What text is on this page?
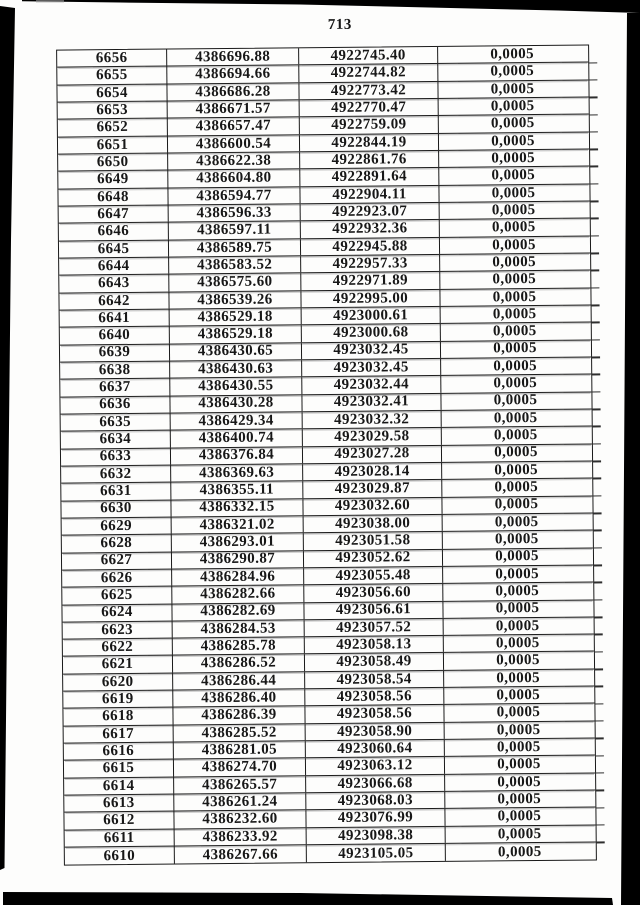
713
6656	4386696.88	4922745.40	0,0005
6655	4386694.66	4922744.82	0,0005
6654	4386686.28	4922773.42	0,0005
6653	4386671.57	4922770.47	0,0005
6652	4386657.47	4922759.09	0,0005
6651	4386600.54	4922844.19	0,0005
6650	4386622.38	4922861.76	0,0005
6649	4386604.80	4922891.64	0,0005
6648	4386594.77	4922904.11	0,0005
6647	4386596.33	4922923.07	0,0005
6646	4386597.11	4922932.36	0,0005
6645	4386589.75	4922945.88	0,0005
6644	4386583.52	4922957.33	0,0005
6643	4386575.60	4922971.89	0,0005
6642	4386539.26	4922995.00	0,0005
6641	4386529.18	4923000.61	0,0005
6640	4386529.18	4923000.68	0,0005
6639	4386430.65	4923032.45	0,0005
6638	4386430.63	4923032.45	0,0005
6637	4386430.55	4923032.44	0,0005
6636	4386430.28	4923032.41	0,0005
6635	4386429.34	4923032.32	0,0005
6634	4386400.74	4923029.58	0,0005
6633	4386376.84	4923027.28	0,0005
6632	4386369.63	4923028.14	0,0005
6631	4386355.11	4923029.87	0,0005
6630	4386332.15	4923032.60	0,0005
6629	4386321.02	4923038.00	0,0005
6628	4386293.01	4923051.58	0,0005
6627	4386290.87	4923052.62	0,0005
6626	4386284.96	4923055.48	0,0005
6625	4386282.66	4923056.60	0,0005
6624	4386282.69	4923056.61	0,0005
6623	4386284.53	4923057.52	0,0005
6622	4386285.78	4923058.13	0,0005
6621	4386286.52	4923058.49	0,0005
6620	4386286.44	4923058.54	0,0005
6619	4386286.40	4923058.56	0,0005
6618	4386286.39	4923058.56	0,0005
6617	4386285.52	4923058.90	0,0005
6616	4386281.05	4923060.64	0,0005
6615	4386274.70	4923063.12	0,0005
6614	4386265.57	4923066.68	0,0005
6613	4386261.24	4923068.03	0,0005
6612	4386232.60	4923076.99	0,0005
6611	4386233.92	4923098.38	0,0005
6610	4386267.66	4923105.05	0,0005
